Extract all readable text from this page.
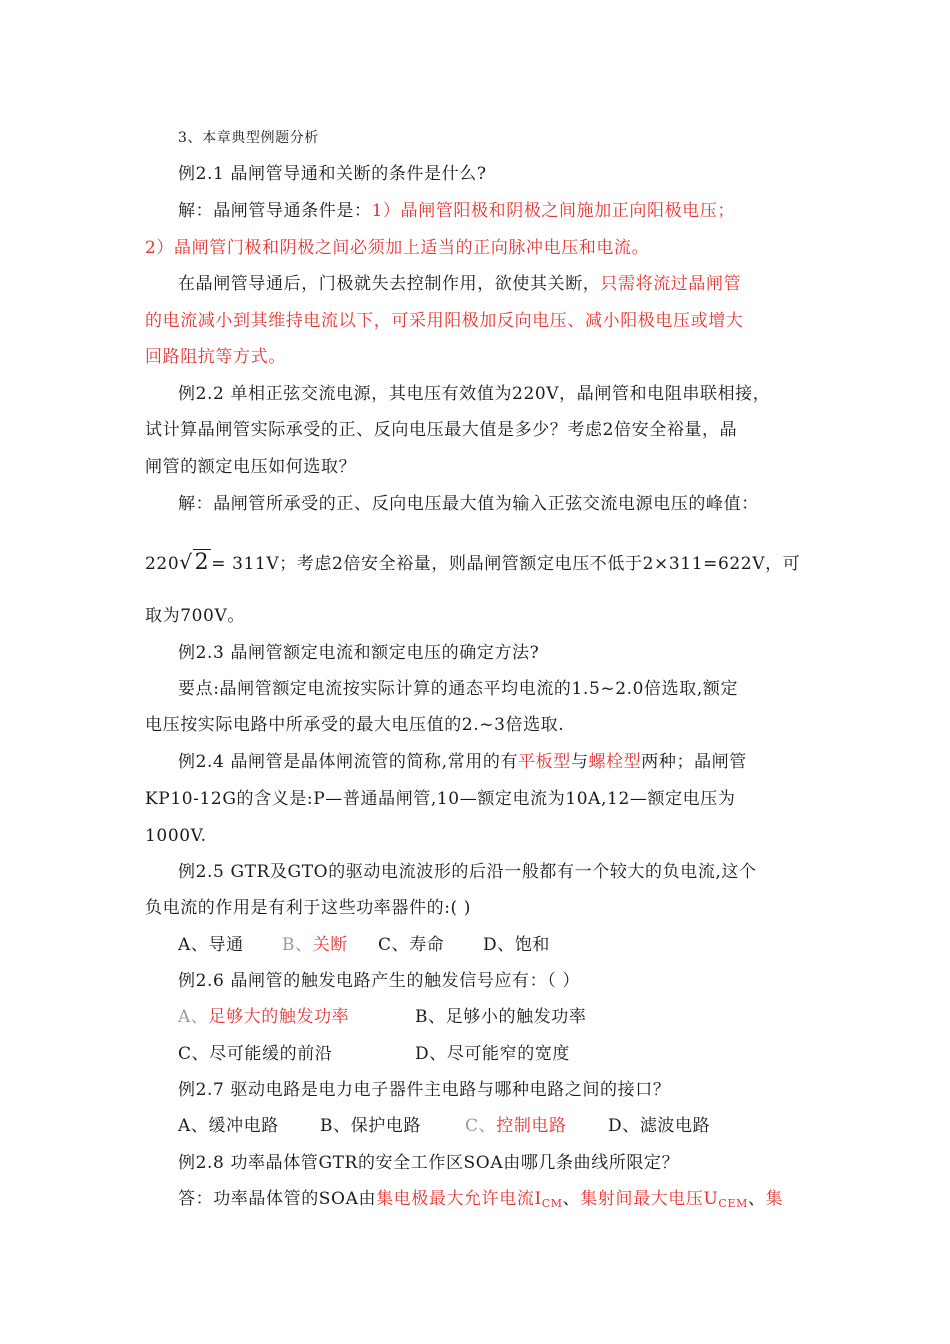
3、本章典型例题分析
例2.1 晶闸管导通和关断的条件是什么?
解：晶闸管导通条件是：1）晶闸管阳极和阴极之间施加正向阳极电压；
2）晶闸管门极和阴极之间必须加上适当的正向脉冲电压和电流。
在晶闸管导通后，门极就失去控制作用，欲使其关断，只需将流过晶闸管
的电流减小到其维持电流以下，可采用阳极加反向电压、减小阳极电压或增大
回路阻抗等方式。
例2.2 单相正弦交流电源，其电压有效值为220V，晶闸管和电阻串联相接，
试计算晶闸管实际承受的正、反向电压最大值是多少？考虑2倍安全裕量，晶
闸管的额定电压如何选取？
解：晶闸管所承受的正、反向电压最大值为输入正弦交流电源电压的峰值：
220√2 = 311V；考虑2倍安全裕量，则晶闸管额定电压不低于2×311=622V，可
取为700V。
例2.3 晶闸管额定电流和额定电压的确定方法?
要点:晶闸管额定电流按实际计算的通态平均电流的1.5~2.0倍选取,额定
电压按实际电路中所承受的最大电压值的2.~3倍选取.
例2.4 晶闸管是晶体闸流管的简称,常用的有平板型与螺栓型两种；晶闸管
KP10-12G的含义是:P—普通晶闸管,10—额定电流为10A,12—额定电压为
1000V.
例2.5 GTR及GTO的驱动电流波形的后沿一般都有一个较大的负电流,这个
负电流的作用是有利于这些功率器件的:( )
A、导通 B、关断 C、寿命 D、饱和
例2.6 晶闸管的触发电路产生的触发信号应有：（ ）
A、足够大的触发功率	B、足够小的触发功率
C、尽可能缓的前沿	D、尽可能窄的宽度
例2.7 驱动电路是电力电子器件主电路与哪种电路之间的接口？
A、缓冲电路 B、保护电路	C、控制电路 D、滤波电路
例2.8 功率晶体管GTR的安全工作区SOA由哪几条曲线所限定？
答：功率晶体管的SOA由集电极最大允许电流$I_{CM}$、集射间最大电压$U_{CEM}$、集
